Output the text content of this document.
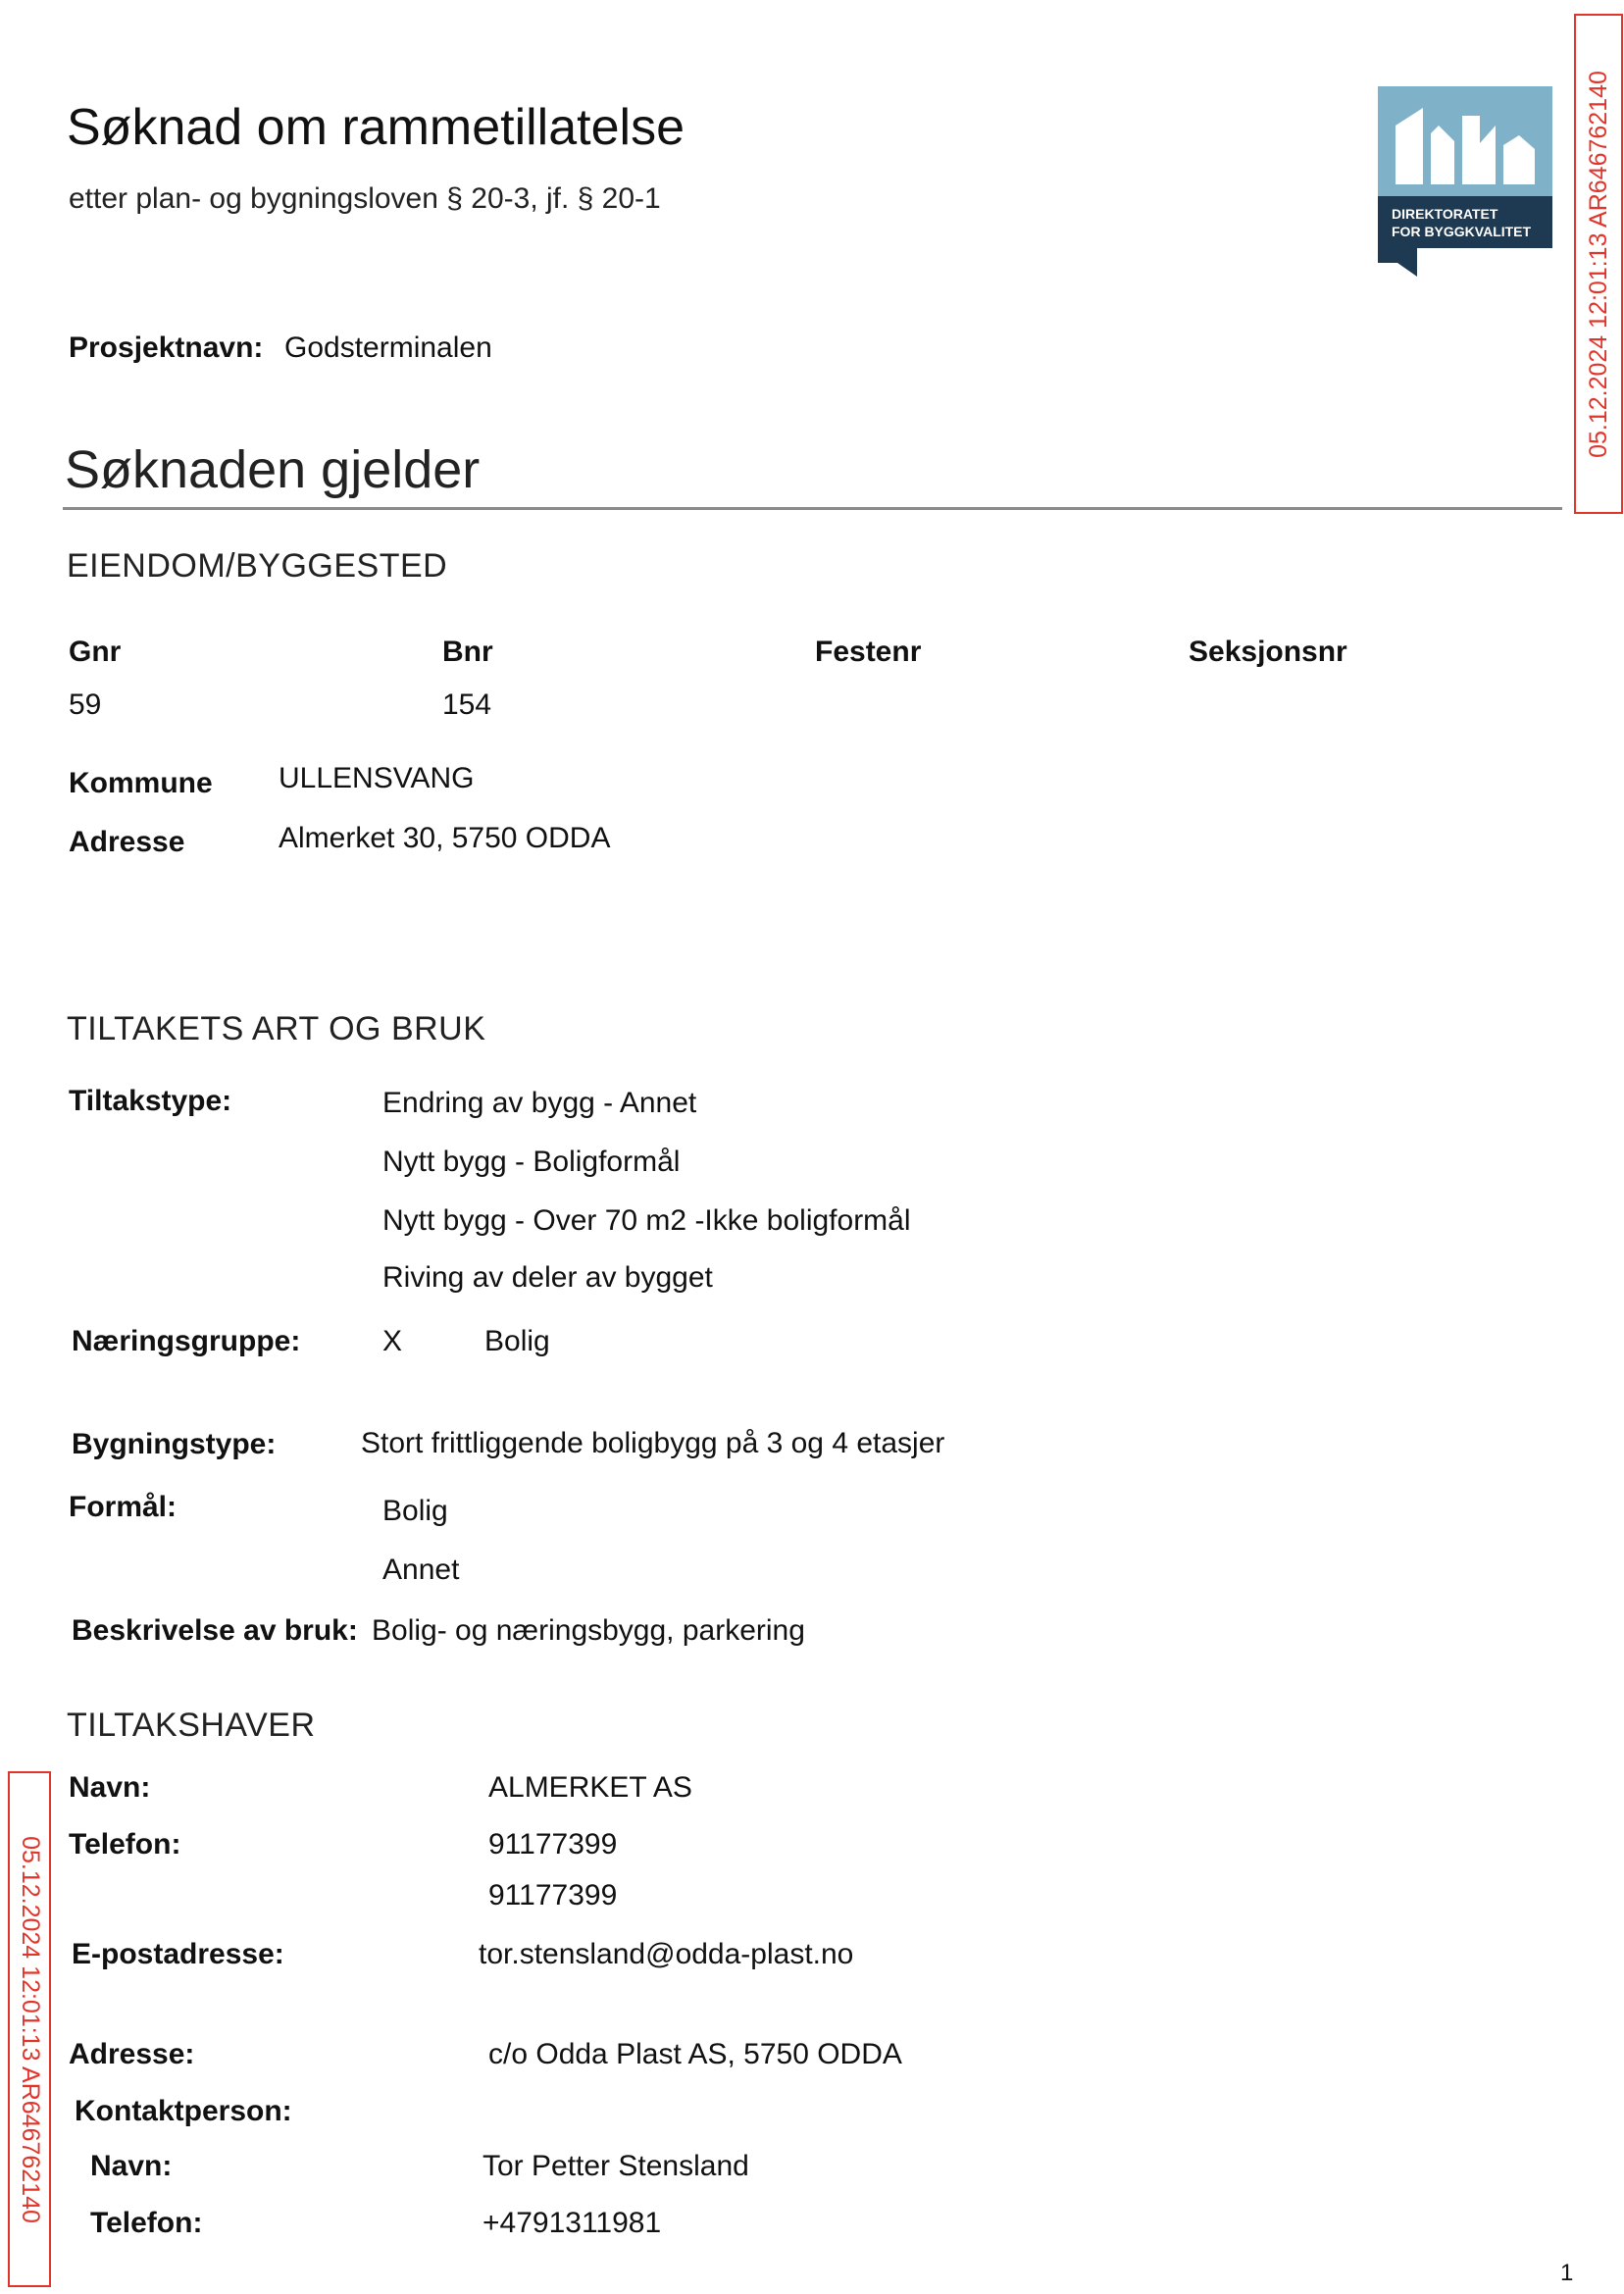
Søknad om rammetillatelse
etter plan- og bygningsloven § 20-3, jf. § 20-1	DIREKTORATET
FOR BYGGKVALITET 05.12.2024 12:01:13 AR646762140
05.12.2024 12:01:13 AR646762140
Prosjektnavn: Godsterminalen
Søknaden gjelder
EIENDOM/BYGGESTED
Gnr	Bnr	Festenr	Seksjonsnr
59	154
Kommune ULLENSVANG
Adresse	Almerket 30, 5750 ODDA
TILTAKETS ART OG BRUK
Tiltakstype:	Endring av bygg - Annet
Nytt bygg - Boligformål
Nytt bygg - Over 70 m2 -Ikke boligformål
Riving av deler av bygget
Næringsgruppe:	X	Bolig
Bygningstype:	Stort frittliggende boligbygg på 3 og 4 etasjer
Formål:	Bolig
Annet
Beskrivelse av bruk: Bolig- og næringsbygg, parkering
TILTAKSHAVER
Navn:	ALMERKET AS
Telefon:	91177399
91177399
E-postadresse:	tor.stensland@odda-plast.no
Adresse:	c/o Odda Plast AS, 5750 ODDA
Kontaktperson:
Navn:	Tor Petter Stensland
Telefon:	+4791311981
1
